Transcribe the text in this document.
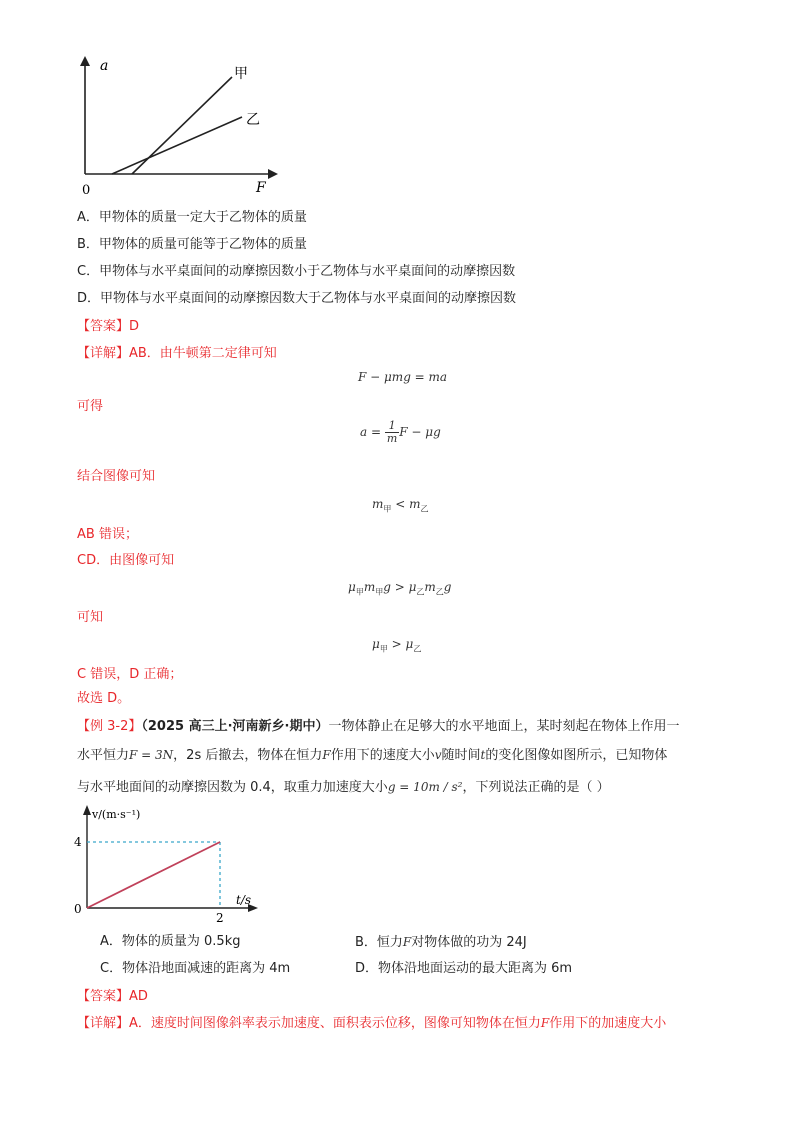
a
F
0
甲
乙
A．甲物体的质量一定大于乙物体的质量
B．甲物体的质量可能等于乙物体的质量
C．甲物体与水平桌面间的动摩擦因数小于乙物体与水平桌面间的动摩擦因数
D．甲物体与水平桌面间的动摩擦因数大于乙物体与水平桌面间的动摩擦因数
【答案】D
【详解】AB．由牛顿第二定律可知
F − μmg = ma
可得
$a = \frac{1}{m}$ F − μg
结合图像可知
$m_甲 < m_乙$
AB 错误；
CD．由图像可知
$\mu_甲m_甲g > \mu_乙m_乙g$
可知
$\mu_甲 > \mu_乙$
C 错误，D 正确；
故选 D。
【例 3-2】（2025 高三上·河南新乡·期中）一物体静止在足够大的水平地面上，某时刻起在物体上作用一
水平恒力F = 3N，2s 后撤去，物体在恒力F作用下的速度大小v随时间t的变化图像如图所示，已知物体
与水平地面间的动摩擦因数为 0.4，取重力加速度大小g = 10m / s²，下列说法正确的是（ ）
v/(m·s⁻¹)
t/s
0
4
2
A．物体的质量为 0.5kg	B．恒力F对物体做的功为 24J
C．物体沿地面减速的距离为 4m	D．物体沿地面运动的最大距离为 6m
【答案】AD
【详解】A．速度时间图像斜率表示加速度、面积表示位移，图像可知物体在恒力F作用下的加速度大小
